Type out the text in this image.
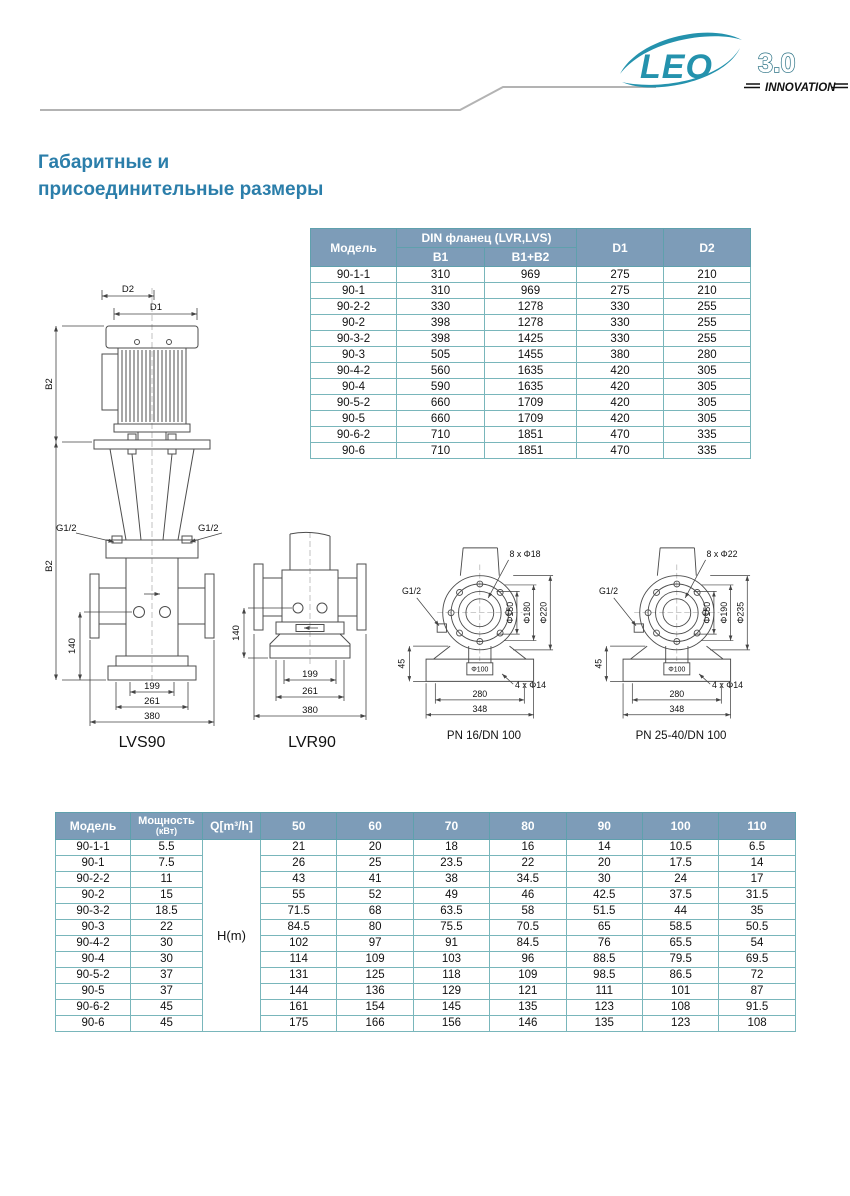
LEO 3.0
INNOVATION
Габаритные и
присоединительные размеры
Модель	DIN фланец (LVR,LVS)		D1	D2
	B1	B1+B2		
90-1-1	310	969	275	210
90-1	310	969	275	210
90-2-2	330	1278	330	255
90-2	398	1278	330	255
90-3-2	398	1425	330	255
90-3	505	1455	380	280
90-4-2	560	1635	420	305
90-4	590	1635	420	305
90-5-2	660	1709	420	305
90-5	660	1709	420	305
90-6-2	710	1851	470	335
90-6	710	1851	470	335
D2
D1
G1/2	G1/2
B2
B2
140
199
261
380
LVS90
140
199
261
380
LVR90
Φ100
Φ150 Φ180 Φ220
8 x Φ18
G1/2
4 x Φ14
45
280
348
PN 16/DN 100
Φ100
Φ150 Φ190 Φ235
8 x Φ22
G1/2
4 x Φ14
45
280
348
PN 25-40/DN 100
Модель	Мощность
(кВт)	Q[m³/h]	50	60	70	80	90	100	110
90-1-1	5.5	H(m)	21	20	18	16	14	10.5	6.5
90-1	7.5		26	25	23.5	22	20	17.5	14
90-2-2	11		43	41	38	34.5	30	24	17
90-2	15		55	52	49	46	42.5	37.5	31.5
90-3-2	18.5		71.5	68	63.5	58	51.5	44	35
90-3	22		84.5	80	75.5	70.5	65	58.5	50.5
90-4-2	30		102	97	91	84.5	76	65.5	54
90-4	30		114	109	103	96	88.5	79.5	69.5
90-5-2	37		131	125	118	109	98.5	86.5	72
90-5	37		144	136	129	121	111	101	87
90-6-2	45		161	154	145	135	123	108	91.5
90-6	45		175	166	156	146	135	123	108
